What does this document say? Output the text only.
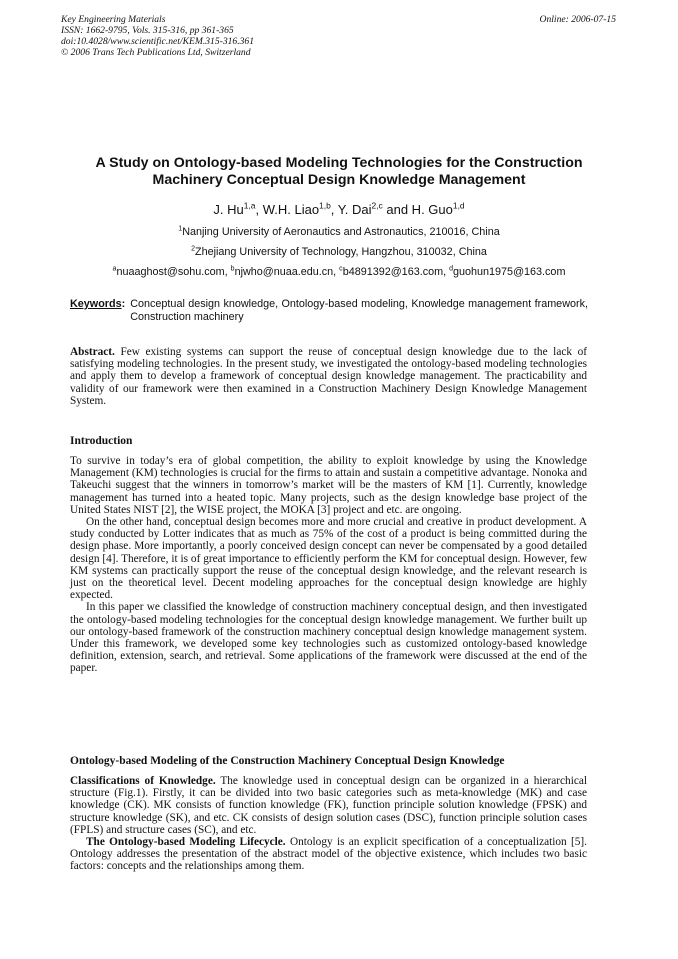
Key Engineering Materials
ISSN: 1662-9795, Vols. 315-316, pp 361-365
doi:10.4028/www.scientific.net/KEM.315-316.361
© 2006 Trans Tech Publications Ltd, Switzerland
Online: 2006-07-15
A Study on Ontology-based Modeling Technologies for the Construction
Machinery Conceptual Design Knowledge Management
J. Hu$^{1,a}$, W.H. Liao$^{1,b}$, Y. Dai$^{2,c}$ and H. Guo$^{1,d}$
$^1$Nanjing University of Aeronautics and Astronautics, 210016, China
$^2$Zhejiang University of Technology, Hangzhou, 310032, China
$^a$nuaaghost@sohu.com, $^b$njwho@nuaa.edu.cn, $^c$b4891392@163.com, $^d$guohun1975@163.com
Keywords : Conceptual design knowledge, Ontology-based modeling, Knowledge management framework, Construction machinery

Abstract. Few existing systems can support the reuse of conceptual design knowledge due to the lack of satisfying modeling technologies. In the present study, we investigated the ontology-based modeling technologies and apply them to develop a framework of conceptual design knowledge management. The practicability and validity of our framework were then examined in a Construction Machinery Design Knowledge Management System.

Introduction

To survive in today’s era of global competition, the ability to exploit knowledge by using the Knowledge Management (KM) technologies is crucial for the firms to attain and sustain a competitive advantage. Nonoka and Takeuchi suggest that the winners in tomorrow’s market will be the masters of KM [1]. Currently, knowledge management has turned into a heated topic. Many projects, such as the design knowledge base project of the United States NIST [2], the WISE project, the MOKA [3] project and etc. are ongoing.

On the other hand, conceptual design becomes more and more crucial and creative in product development. A study conducted by Lotter indicates that as much as 75% of the cost of a product is being committed during the design phase. More importantly, a poorly conceived design concept can never be compensated by a good detailed design [4]. Therefore, it is of great importance to efficiently perform the KM for conceptual design. However, few KM systems can practically support the reuse of the conceptual design knowledge, and the relevant research is just on the theoretical level. Decent modeling approaches for the conceptual design knowledge are highly expected.

In this paper we classified the knowledge of construction machinery conceptual design, and then investigated the ontology-based modeling technologies for the conceptual design knowledge management. We further built up our ontology-based framework of the construction machinery conceptual design knowledge management system. Under this framework, we developed some key technologies such as customized ontology-based knowledge definition, extension, search, and retrieval. Some applications of the framework were discussed at the end of the paper.

Ontology-based Modeling of the Construction Machinery Conceptual Design Knowledge

Classifications of Knowledge. The knowledge used in conceptual design can be organized in a hierarchical structure (Fig.1). Firstly, it can be divided into two basic categories such as meta-knowledge (MK) and case knowledge (CK). MK consists of function knowledge (FK), function principle solution knowledge (FPSK) and structure knowledge (SK), and etc. CK consists of design solution cases (DSC), function principle solution cases (FPLS) and structure cases (SC), and etc.

The Ontology-based Modeling Lifecycle. Ontology is an explicit specification of a conceptualization [5]. Ontology addresses the presentation of the abstract model of the objective existence, which includes two basic factors: concepts and the relationships among them.
